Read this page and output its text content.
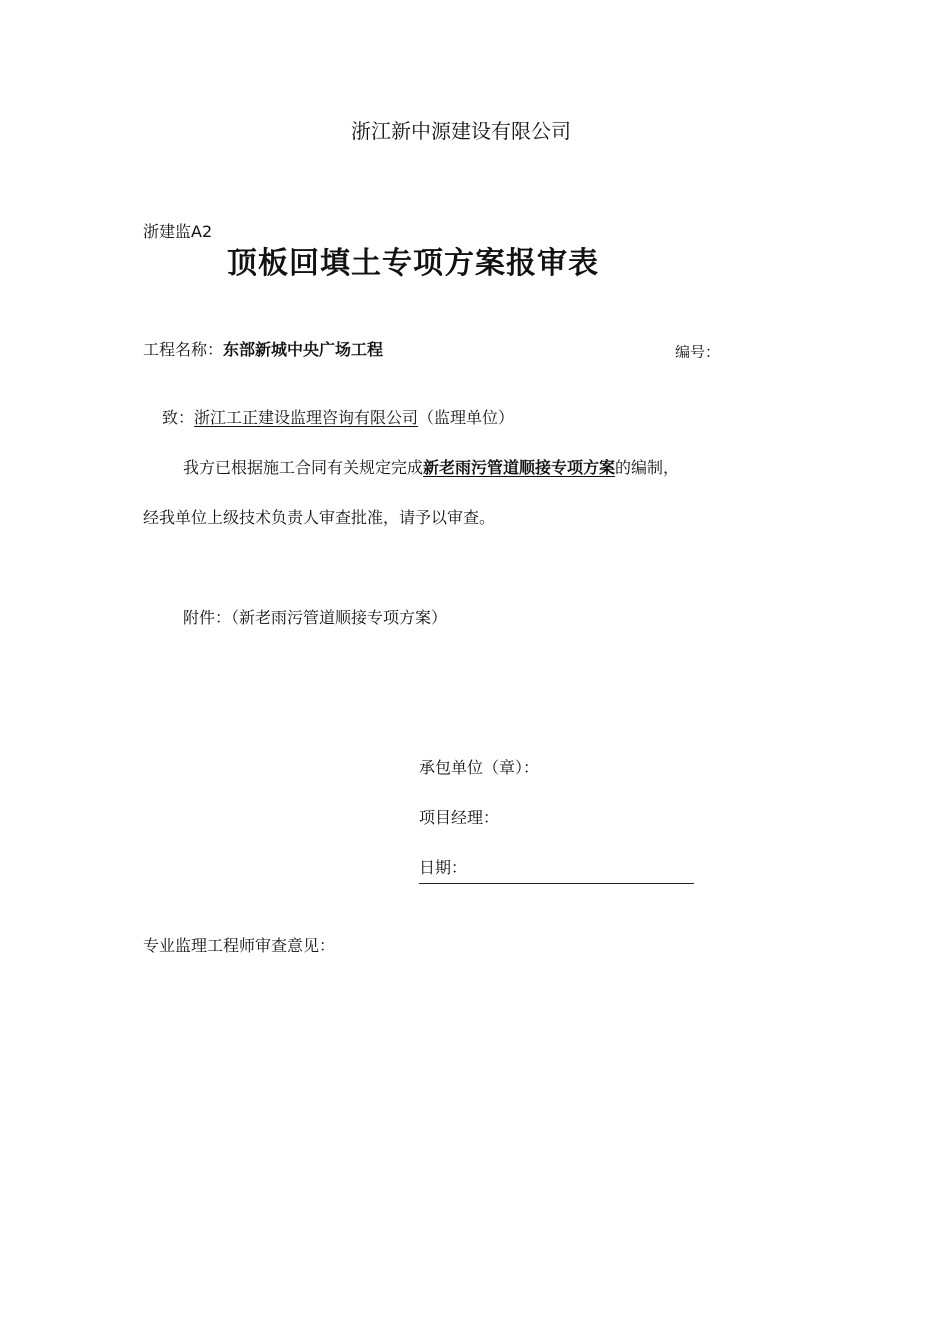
浙江新中源建设有限公司
浙建监A2
顶板回填土专项方案报审表
工程名称：东部新城中央广场工程	编号：
致：浙江工正建设监理咨询有限公司（监理单位）
我方已根据施工合同有关规定完成新老雨污管道顺接专项方案的编制，
经我单位上级技术负责人审查批准，请予以审查。
附件：（新老雨污管道顺接专项方案）
承包单位（章）：
项目经理：
日期：
专业监理工程师审查意见：
